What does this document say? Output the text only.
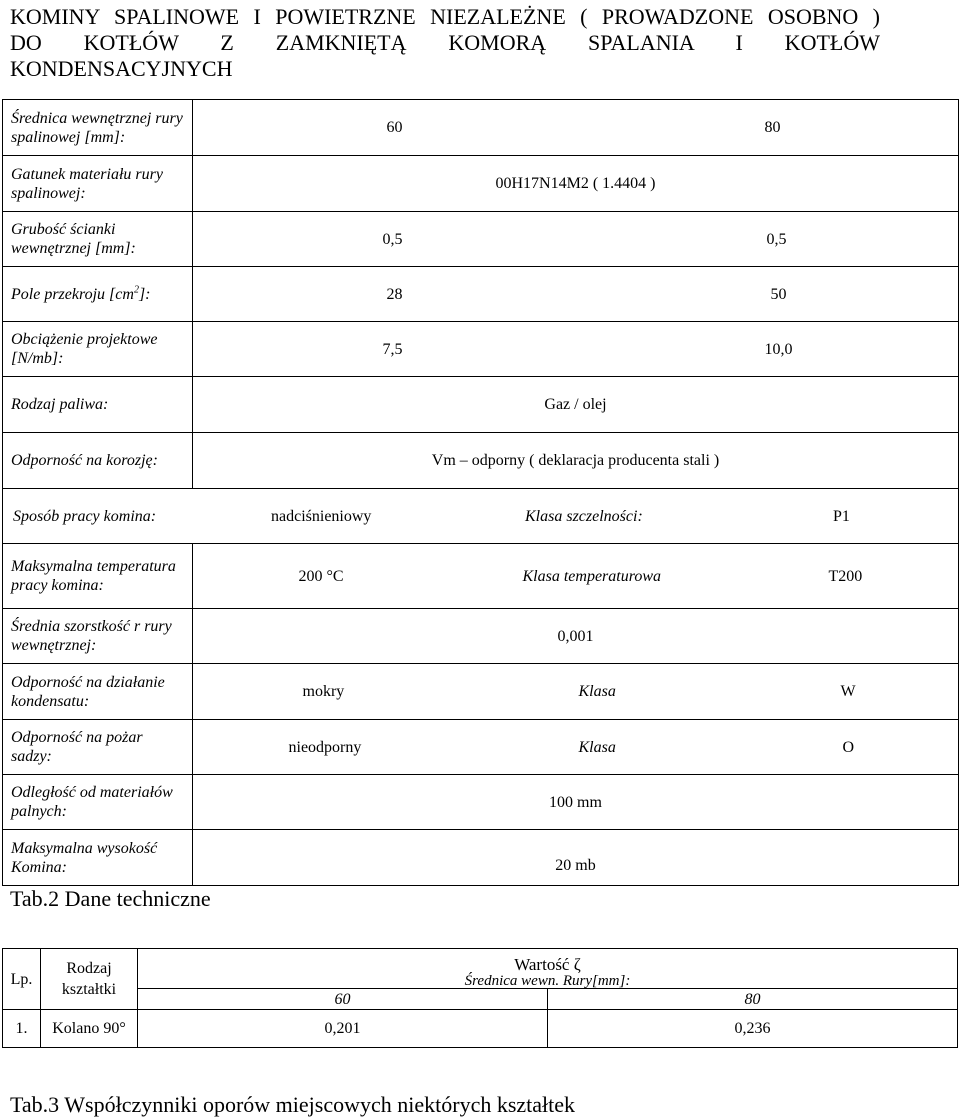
KOMINY SPALINOWE I POWIETRZNE NIEZALEŻNE ( PROWADZONE OSOBNO )
DO KOTŁÓW Z ZAMKNIĘTĄ KOMORĄ SPALANIA I KOTŁÓW
KONDENSACYJNYCH
Średnica wewnętrznej rury spalinowej [mm]:	60 80

Gatunek materiału rury spalinowej:	00H17N14M2 ( 1.4404 )
Grubość ścianki wewnętrznej [mm]:	0,5 0,5

Pole przekroju $[cm^2]$:	28 50

Obciążenie projektowe [N/mb]:	7,5 10,0

Rodzaj paliwa:	Gaz / olej
Odporność na korozję:	Vm – odporny ( deklaracja producenta stali )

Sposób pracy komina: nadciśnieniowy Klasa szczelności: P1	

Maksymalna temperatura pracy komina:	200 °C Klasa temperaturowa T200

Średnia szorstkość r rury wewnętrznej:	0,001
Odporność na działanie kondensatu:	mokry Klasa W

Odporność na pożar sadzy:	nieodporny Klasa O

Odległość od materiałów palnych:	100 mm
Maksymalna wysokość Komina:	20 mb
Tab.2 Dane techniczne
Lp.	Rodzaj kształtki	Wartość ζ	
		Średnica wewn. Rury[mm]:	
		60	80
1.	Kolano 90°	0,201	0,236
Tab.3 Współczynniki oporów miejscowych niektórych kształtek
